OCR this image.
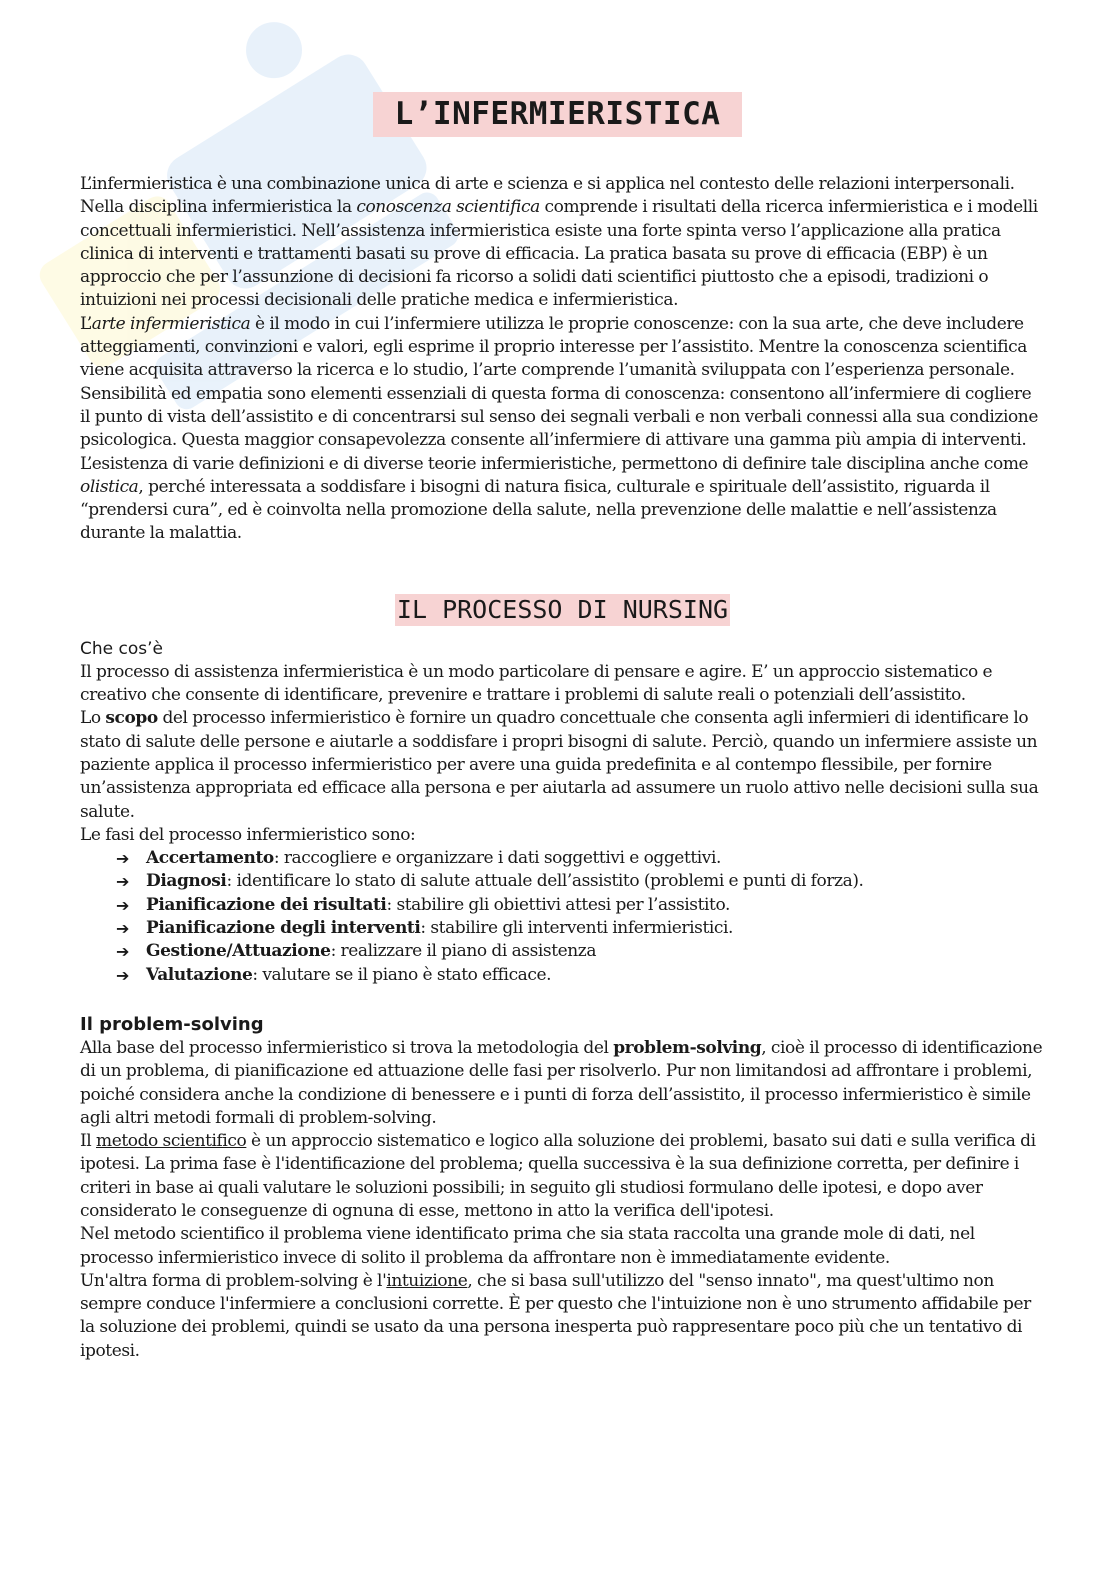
L’INFERMIERISTICA

L’infermieristica è una combinazione unica di arte e scienza e si applica nel contesto delle relazioni interpersonali.

Nella disciplina infermieristica la conoscenza scientifica comprende i risultati della ricerca infermieristica e i modelli concettuali infermieristici. Nell’assistenza infermieristica esiste una forte spinta verso l’applicazione alla pratica clinica di interventi e trattamenti basati su prove di efficacia. La pratica basata su prove di efficacia (EBP) è un approccio che per l’assunzione di decisioni fa ricorso a solidi dati scientifici piuttosto che a episodi, tradizioni o intuizioni nei processi decisionali delle pratiche medica e infermieristica.

L’arte infermieristica è il modo in cui l’infermiere utilizza le proprie conoscenze: con la sua arte, che deve includere atteggiamenti, convinzioni e valori, egli esprime il proprio interesse per l’assistito. Mentre la conoscenza scientifica viene acquisita attraverso la ricerca e lo studio, l’arte comprende l’umanità sviluppata con l’esperienza personale. Sensibilità ed empatia sono elementi essenziali di questa forma di conoscenza: consentono all’infermiere di cogliere il punto di vista dell’assistito e di concentrarsi sul senso dei segnali verbali e non verbali connessi alla sua condizione psicologica. Questa maggior consapevolezza consente all’infermiere di attivare una gamma più ampia di interventi.

L’esistenza di varie definizioni e di diverse teorie infermieristiche, permettono di definire tale disciplina anche come olistica, perché interessata a soddisfare i bisogni di natura fisica, culturale e spirituale dell’assistito, riguarda il “prendersi cura”, ed è coinvolta nella promozione della salute, nella prevenzione delle malattie e nell’assistenza durante la malattia.

IL PROCESSO DI NURSING
Che cos’è

Il processo di assistenza infermieristica è un modo particolare di pensare e agire. E’ un approccio sistematico e creativo che consente di identificare, prevenire e trattare i problemi di salute reali o potenziali dell’assistito.

Lo scopo del processo infermieristico è fornire un quadro concettuale che consenta agli infermieri di identificare lo stato di salute delle persone e aiutarle a soddisfare i propri bisogni di salute. Perciò, quando un infermiere assiste un paziente applica il processo infermieristico per avere una guida predefinita e al contempo flessibile, per fornire un’assistenza appropriata ed efficace alla persona e per aiutarla ad assumere un ruolo attivo nelle decisioni sulla sua salute.

Le fasi del processo infermieristico sono:

➔ Accertamento: raccogliere e organizzare i dati soggettivi e oggettivi.
➔ Diagnosi: identificare lo stato di salute attuale dell’assistito (problemi e punti di forza).
➔ Pianificazione dei risultati: stabilire gli obiettivi attesi per l’assistito.
➔ Pianificazione degli interventi: stabilire gli interventi infermieristici.
➔ Gestione/Attuazione: realizzare il piano di assistenza
➔ Valutazione: valutare se il piano è stato efficace.
Il problem-solving

Alla base del processo infermieristico si trova la metodologia del problem-solving, cioè il processo di identificazione di un problema, di pianificazione ed attuazione delle fasi per risolverlo. Pur non limitandosi ad affrontare i problemi, poiché considera anche la condizione di benessere e i punti di forza dell’assistito, il processo infermieristico è simile agli altri metodi formali di problem-solving.

Il metodo scientifico è un approccio sistematico e logico alla soluzione dei problemi, basato sui dati e sulla verifica di ipotesi. La prima fase è l'identificazione del problema; quella successiva è la sua definizione corretta, per definire i criteri in base ai quali valutare le soluzioni possibili; in seguito gli studiosi formulano delle ipotesi, e dopo aver considerato le conseguenze di ognuna di esse, mettono in atto la verifica dell'ipotesi.

Nel metodo scientifico il problema viene identificato prima che sia stata raccolta una grande mole di dati, nel processo infermieristico invece di solito il problema da affrontare non è immediatamente evidente.

Un'altra forma di problem-solving è l'intuizione, che si basa sull'utilizzo del "senso innato", ma quest'ultimo non sempre conduce l'infermiere a conclusioni corrette. È per questo che l'intuizione non è uno strumento affidabile per la soluzione dei problemi, quindi se usato da una persona inesperta può rappresentare poco più che un tentativo di ipotesi.
